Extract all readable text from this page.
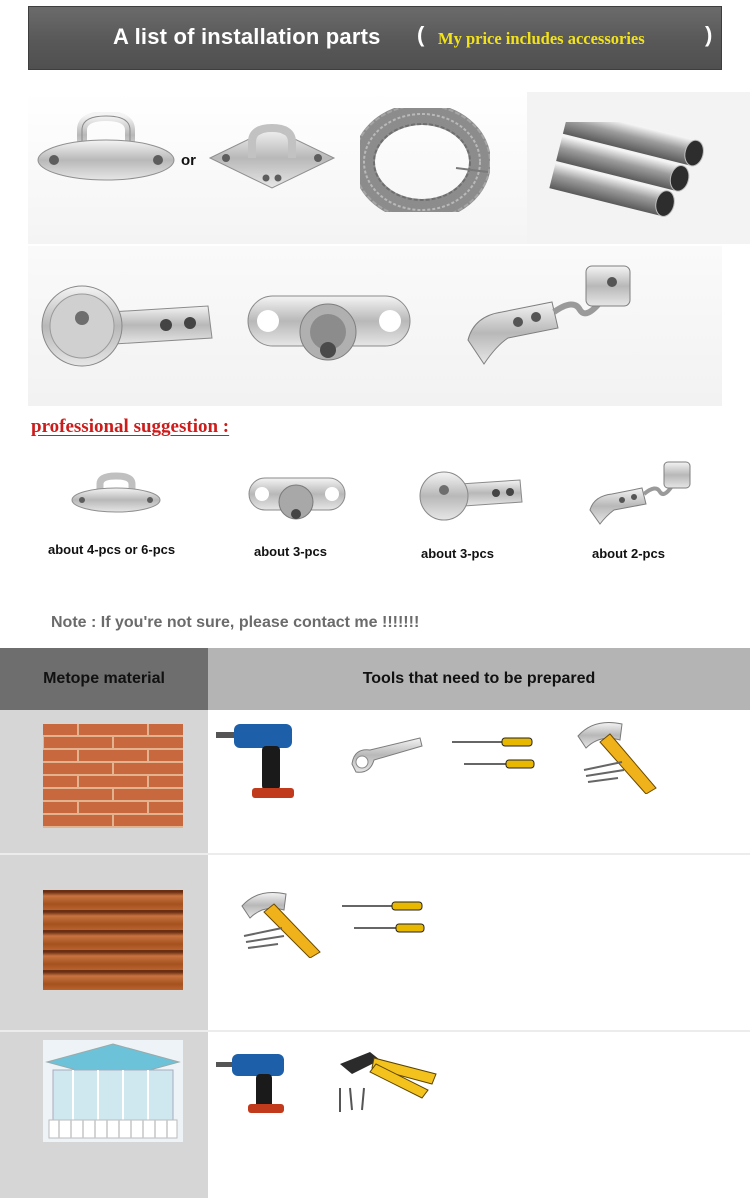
A list of installation parts ( My price includes accessories	)
or
professional suggestion :
about 4-pcs or 6-pcs	about 3-pcs	about 3-pcs	about 2-pcs
Note : If you're not sure, please contact me !!!!!!!
Metope material	Tools that need to be prepared
